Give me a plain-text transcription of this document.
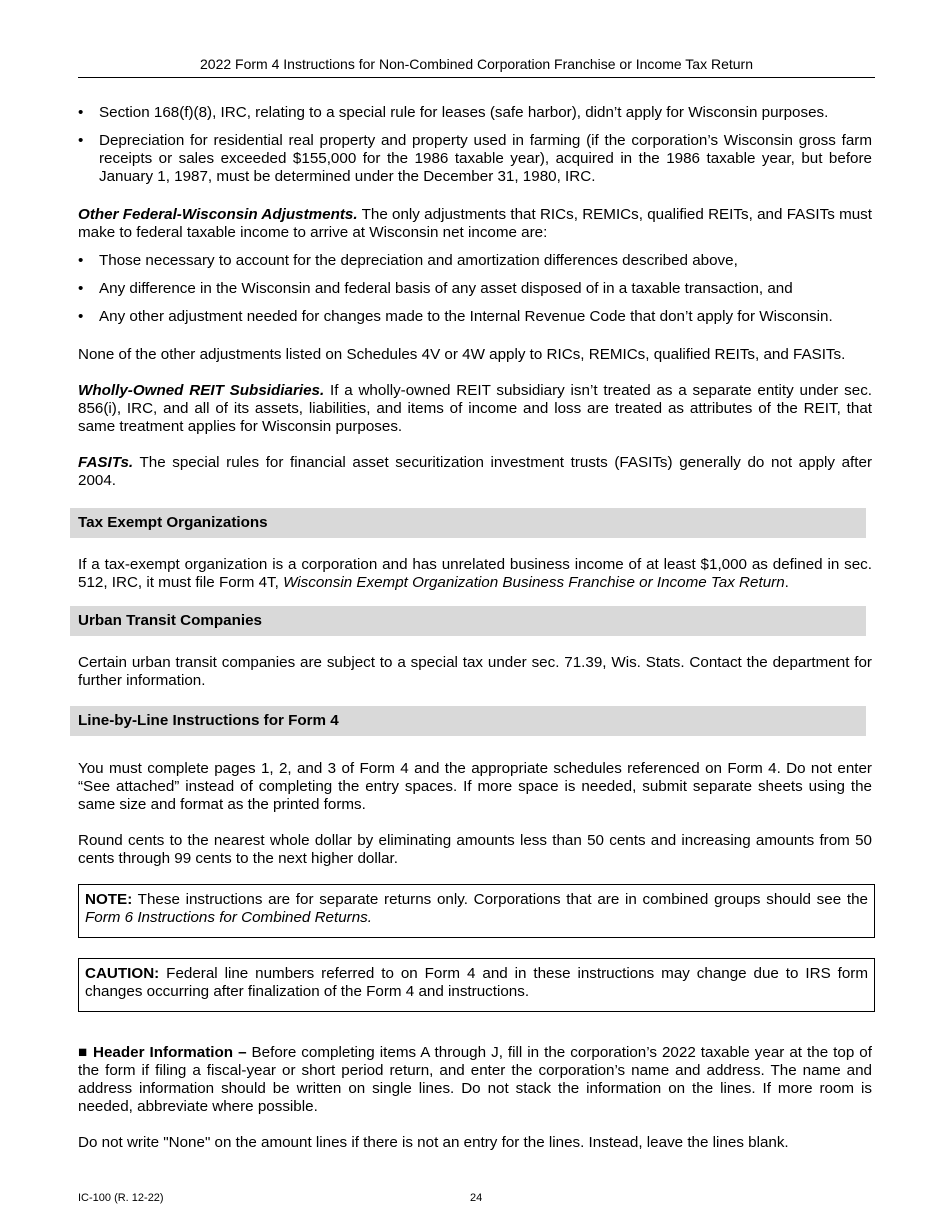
2022 Form 4 Instructions for Non-Combined Corporation Franchise or Income Tax Return
• Section 168(f)(8), IRC, relating to a special rule for leases (safe harbor), didn’t apply for Wisconsin purposes.
• Depreciation for residential real property and property used in farming (if the corporation’s Wisconsin gross farm receipts or sales exceeded $155,000 for the 1986 taxable year), acquired in the 1986 taxable year, but before January 1, 1987, must be determined under the December 31, 1980, IRC.

Other Federal-Wisconsin Adjustments. The only adjustments that RICs, REMICs, qualified REITs, and FASITs must make to federal taxable income to arrive at Wisconsin net income are:

• Those necessary to account for the depreciation and amortization differences described above,
• Any difference in the Wisconsin and federal basis of any asset disposed of in a taxable transaction, and
• Any other adjustment needed for changes made to the Internal Revenue Code that don’t apply for Wisconsin.

None of the other adjustments listed on Schedules 4V or 4W apply to RICs, REMICs, qualified REITs, and FASITs.

Wholly-Owned REIT Subsidiaries. If a wholly-owned REIT subsidiary isn’t treated as a separate entity under sec. 856(i), IRC, and all of its assets, liabilities, and items of income and loss are treated as attributes of the REIT, that same treatment applies for Wisconsin purposes.

FASITs. The special rules for financial asset securitization investment trusts (FASITs) generally do not apply after 2004.

Tax Exempt Organizations

If a tax-exempt organization is a corporation and has unrelated business income of at least $1,000 as defined in sec. 512, IRC, it must file Form 4T, Wisconsin Exempt Organization Business Franchise or Income Tax Return.

Urban Transit Companies

Certain urban transit companies are subject to a special tax under sec. 71.39, Wis. Stats. Contact the department for further information.

Line-by-Line Instructions for Form 4

You must complete pages 1, 2, and 3 of Form 4 and the appropriate schedules referenced on Form 4. Do not enter “See attached” instead of completing the entry spaces. If more space is needed, submit separate sheets using the same size and format as the printed forms.

Round cents to the nearest whole dollar by eliminating amounts less than 50 cents and increasing amounts from 50 cents through 99 cents to the next higher dollar.

NOTE: These instructions are for separate returns only. Corporations that are in combined groups should see the Form 6 Instructions for Combined Returns.

CAUTION: Federal line numbers referred to on Form 4 and in these instructions may change due to IRS form changes occurring after finalization of the Form 4 and instructions.

■ Header Information – Before completing items A through J, fill in the corporation’s 2022 taxable year at the top of the form if filing a fiscal-year or short period return, and enter the corporation’s name and address. The name and address information should be written on single lines. Do not stack the information on the lines. If more room is needed, abbreviate where possible.

Do not write "None" on the amount lines if there is not an entry for the lines. Instead, leave the lines blank.

IC-100 (R. 12-22)	24
